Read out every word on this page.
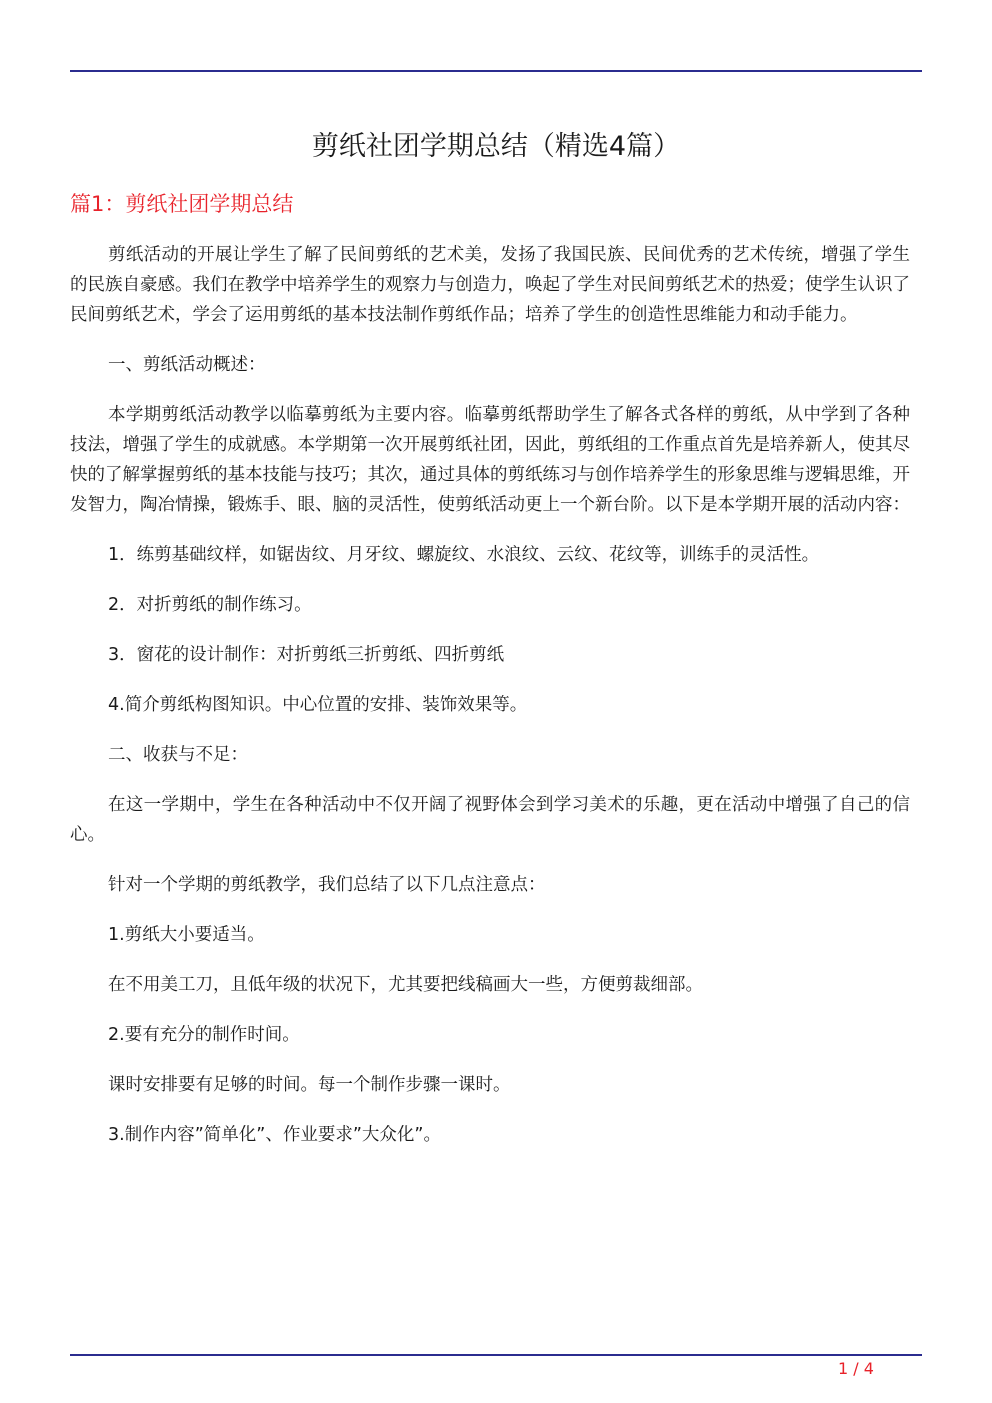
剪纸社团学期总结（精选4篇）
篇1：剪纸社团学期总结

剪纸活动的开展让学生了解了民间剪纸的艺术美，发扬了我国民族、民间优秀的艺术传统，增强了学生的民族自豪感。我们在教学中培养学生的观察力与创造力，唤起了学生对民间剪纸艺术的热爱；使学生认识了民间剪纸艺术，学会了运用剪纸的基本技法制作剪纸作品；培养了学生的创造性思维能力和动手能力。

一、剪纸活动概述：

本学期剪纸活动教学以临摹剪纸为主要内容。临摹剪纸帮助学生了解各式各样的剪纸，从中学到了各种技法，增强了学生的成就感。本学期第一次开展剪纸社团，因此，剪纸组的工作重点首先是培养新人，使其尽快的了解掌握剪纸的基本技能与技巧；其次，通过具体的剪纸练习与创作培养学生的形象思维与逻辑思维，开发智力，陶冶情操，锻炼手、眼、脑的灵活性，使剪纸活动更上一个新台阶。以下是本学期开展的活动内容：

1．练剪基础纹样，如锯齿纹、月牙纹、螺旋纹、水浪纹、云纹、花纹等，训练手的灵活性。

2．对折剪纸的制作练习。

3．窗花的设计制作：对折剪纸三折剪纸、四折剪纸

4.简介剪纸构图知识。中心位置的安排、装饰效果等。

二、收获与不足：

在这一学期中，学生在各种活动中不仅开阔了视野体会到学习美术的乐趣，更在活动中增强了自己的信心。

针对一个学期的剪纸教学，我们总结了以下几点注意点：

1.剪纸大小要适当。

在不用美工刀，且低年级的状况下，尤其要把线稿画大一些，方便剪裁细部。

2.要有充分的制作时间。

课时安排要有足够的时间。每一个制作步骤一课时。

3.制作内容”简单化”、作业要求”大众化”。

1 / 4
